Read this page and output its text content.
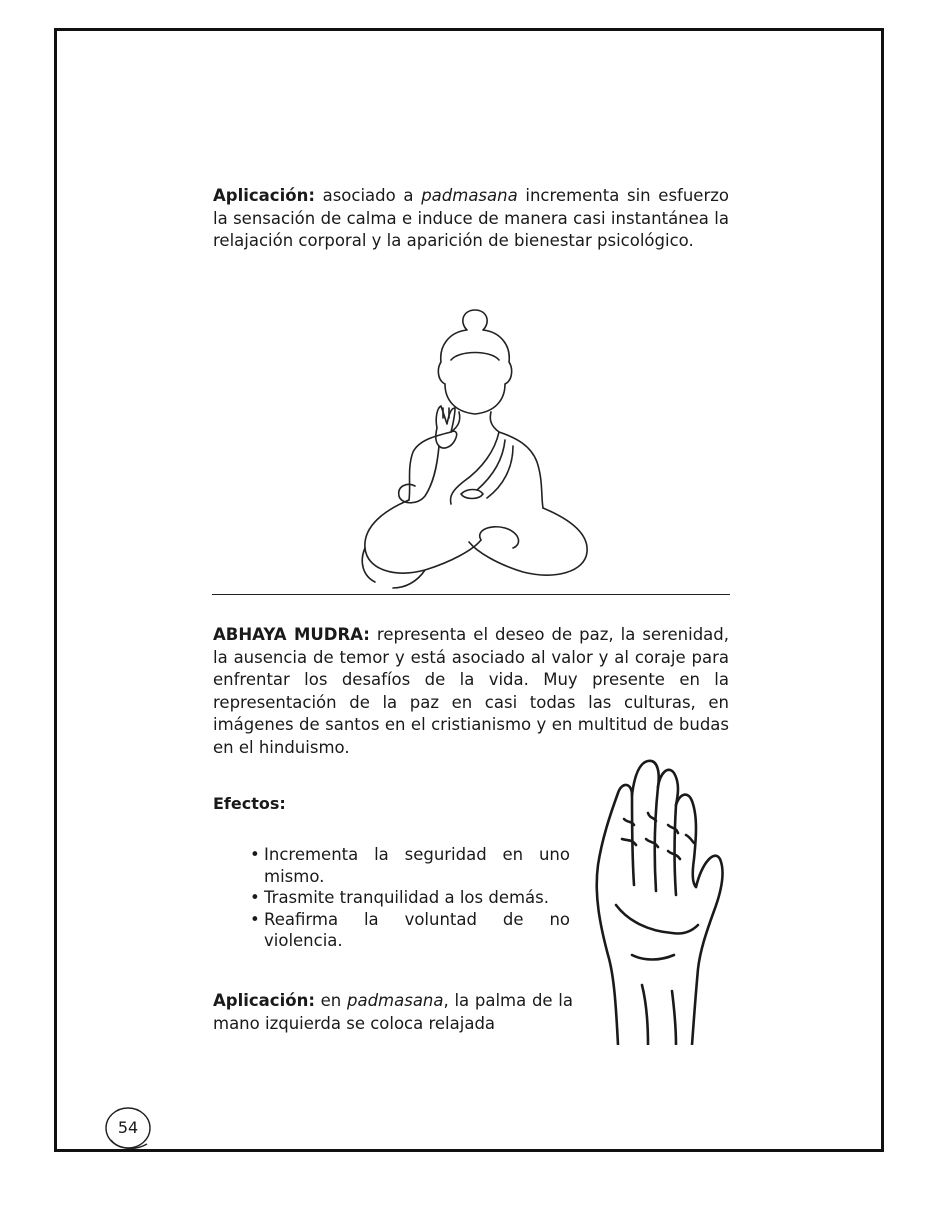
Aplicación: asociado a padmasana incrementa sin esfuerzo la sensación de calma e induce de manera casi instantánea la relajación corporal y la aparición de bienestar psicológico.

ABHAYA MUDRA: representa el deseo de paz, la serenidad, la ausencia de temor y está asociado al valor y al coraje para enfrentar los desafíos de la vida. Muy presente en la representación de la paz en casi todas las culturas, en imágenes de santos en el cristianismo y en multitud de budas en el hinduismo.

Efectos:

• Incrementa la seguridad en uno mismo.
• Trasmite tranquilidad a los demás.
• Reafirma la voluntad de no violencia.

Aplicación: en padmasana, la palma de la mano izquierda se coloca relajada

54
